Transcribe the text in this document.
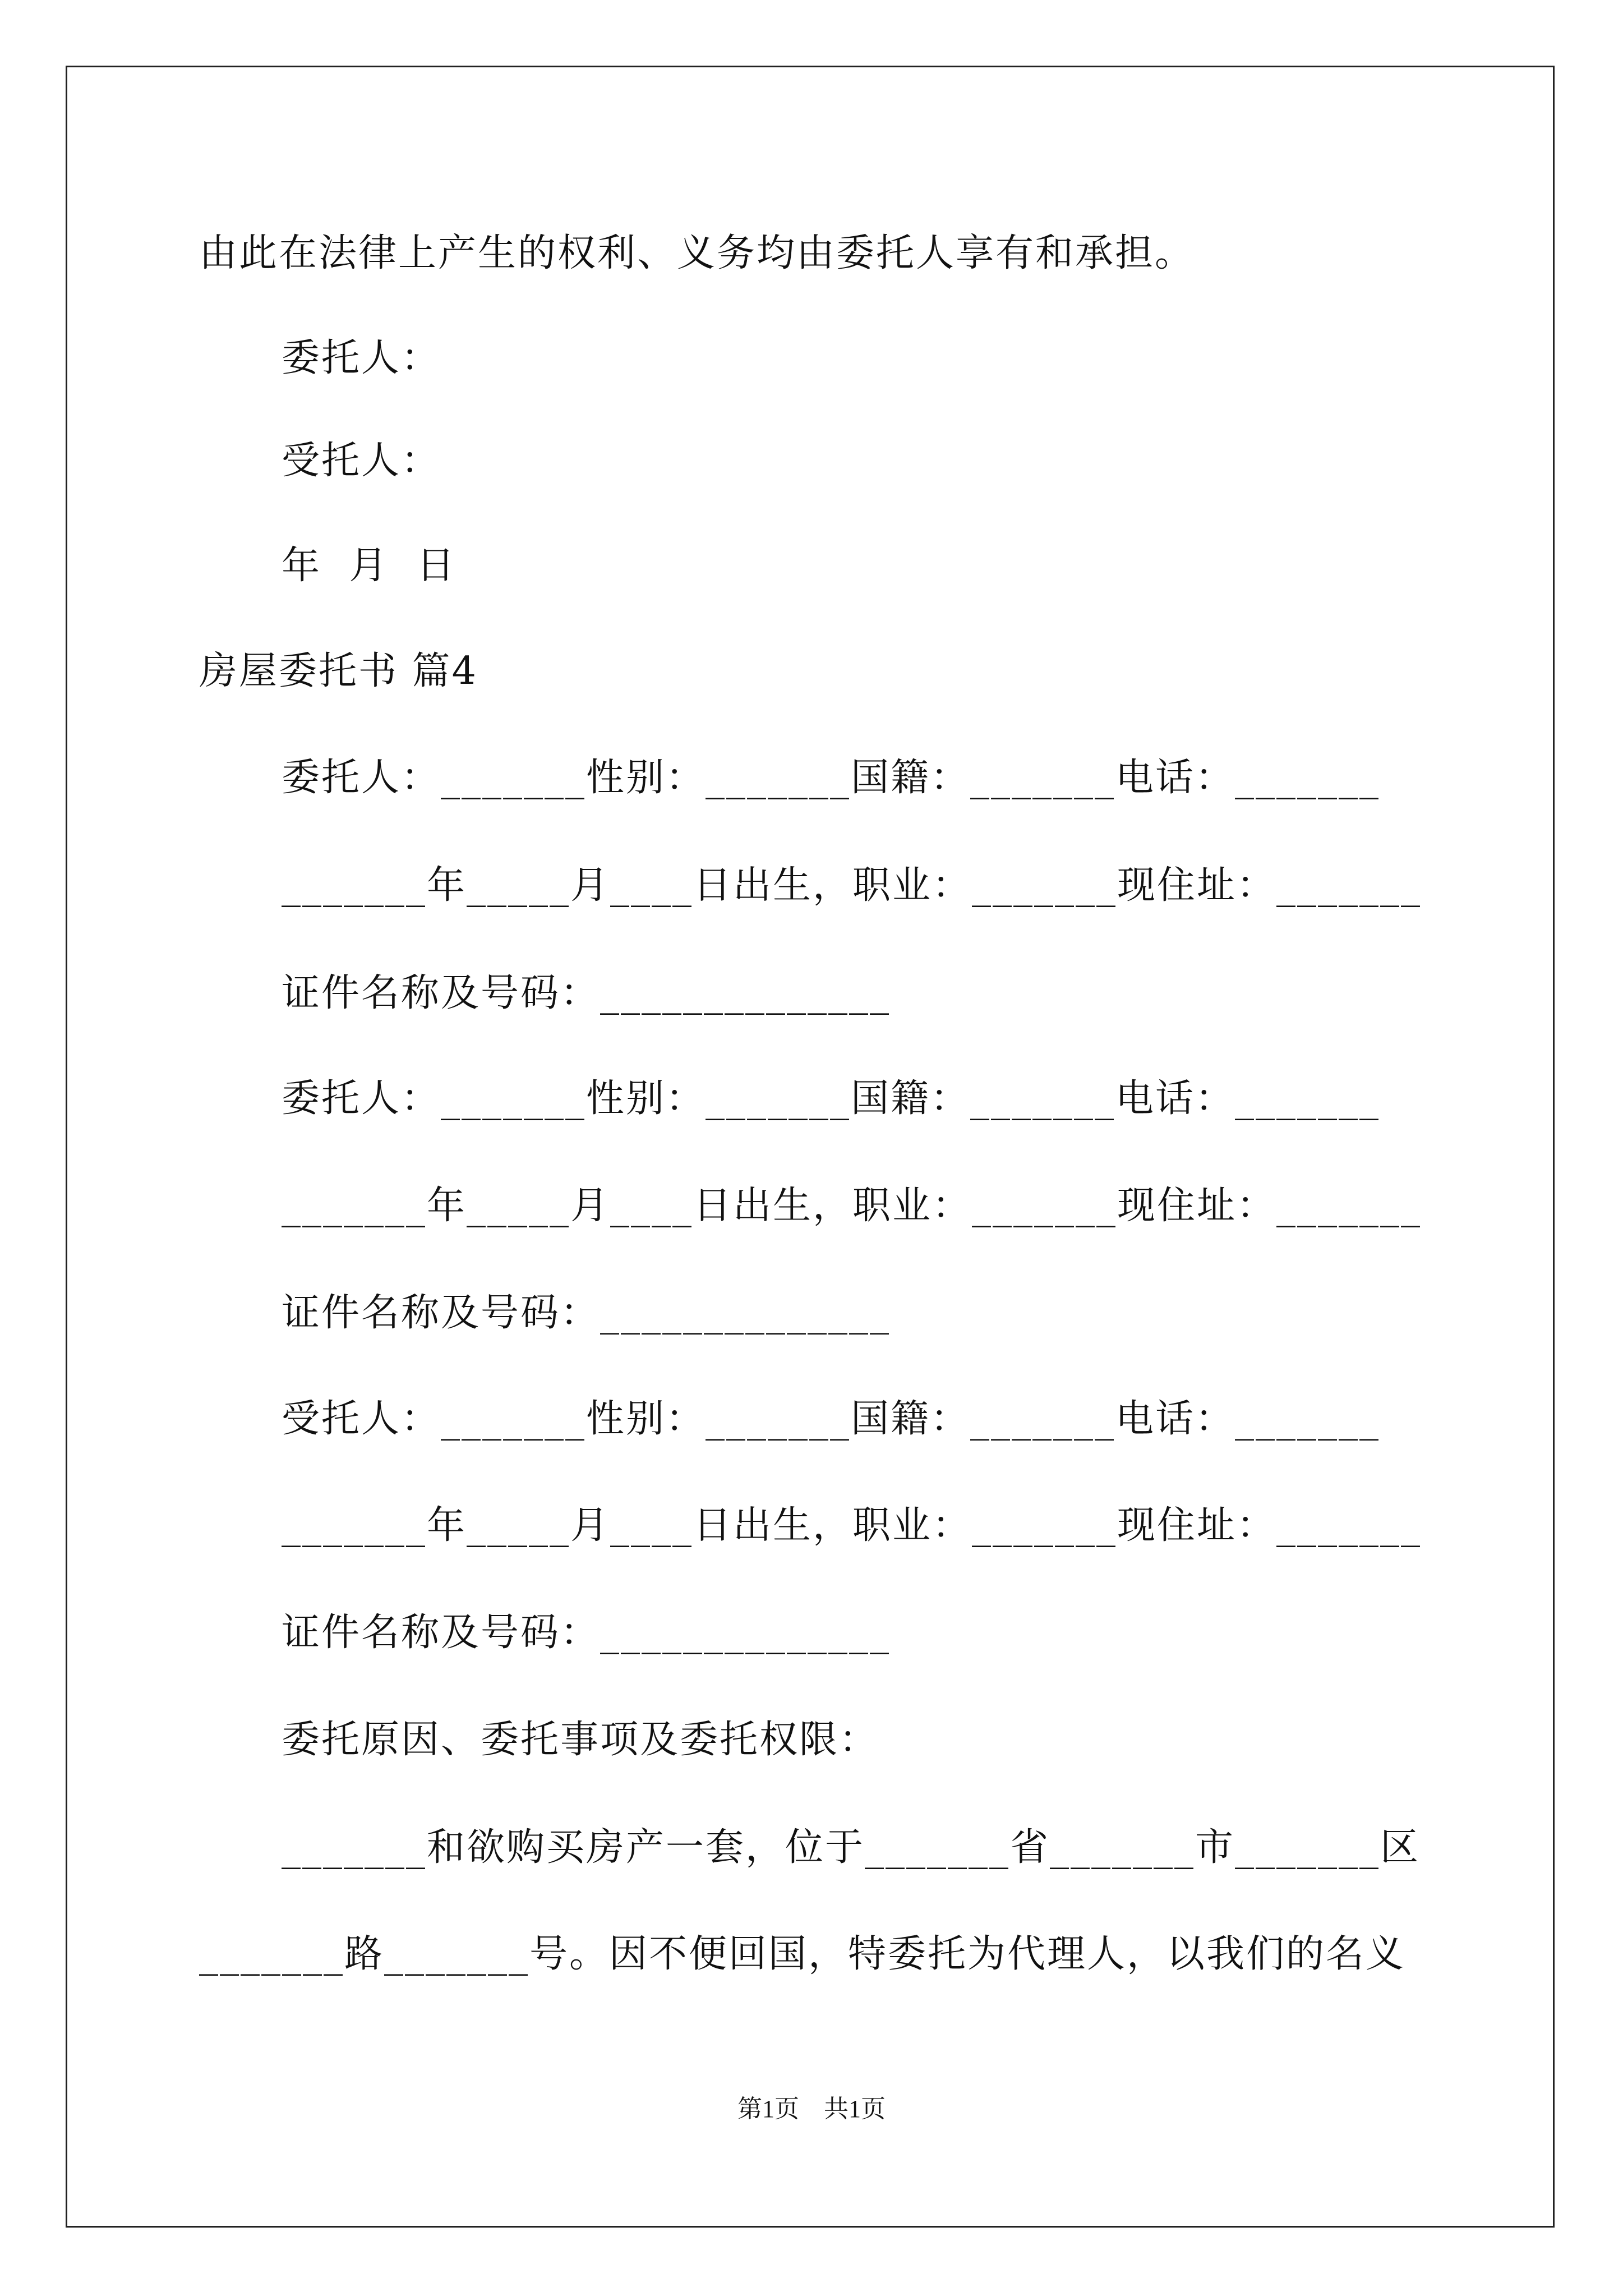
由此在法律上产生的权利、义务均由委托人享有和承担。
委托人：
受托人：
年  月  日
房屋委托书 篇4
委托人：_______性别：_______国籍：_______电话：_______
_______年_____月____日出生，职业：_______现住址：_______
证件名称及号码：______________
委托人：_______性别：_______国籍：_______电话：_______
_______年_____月____日出生，职业：_______现住址：_______
证件名称及号码：______________
受托人：_______性别：_______国籍：_______电话：_______
_______年_____月____日出生，职业：_______现住址：_______
证件名称及号码：______________
委托原因、委托事项及委托权限：
_______和欲购买房产一套，位于_______省_______市_______区
_______路_______号。因不便回国，特委托为代理人，以我们的名义
第1页　共1页
